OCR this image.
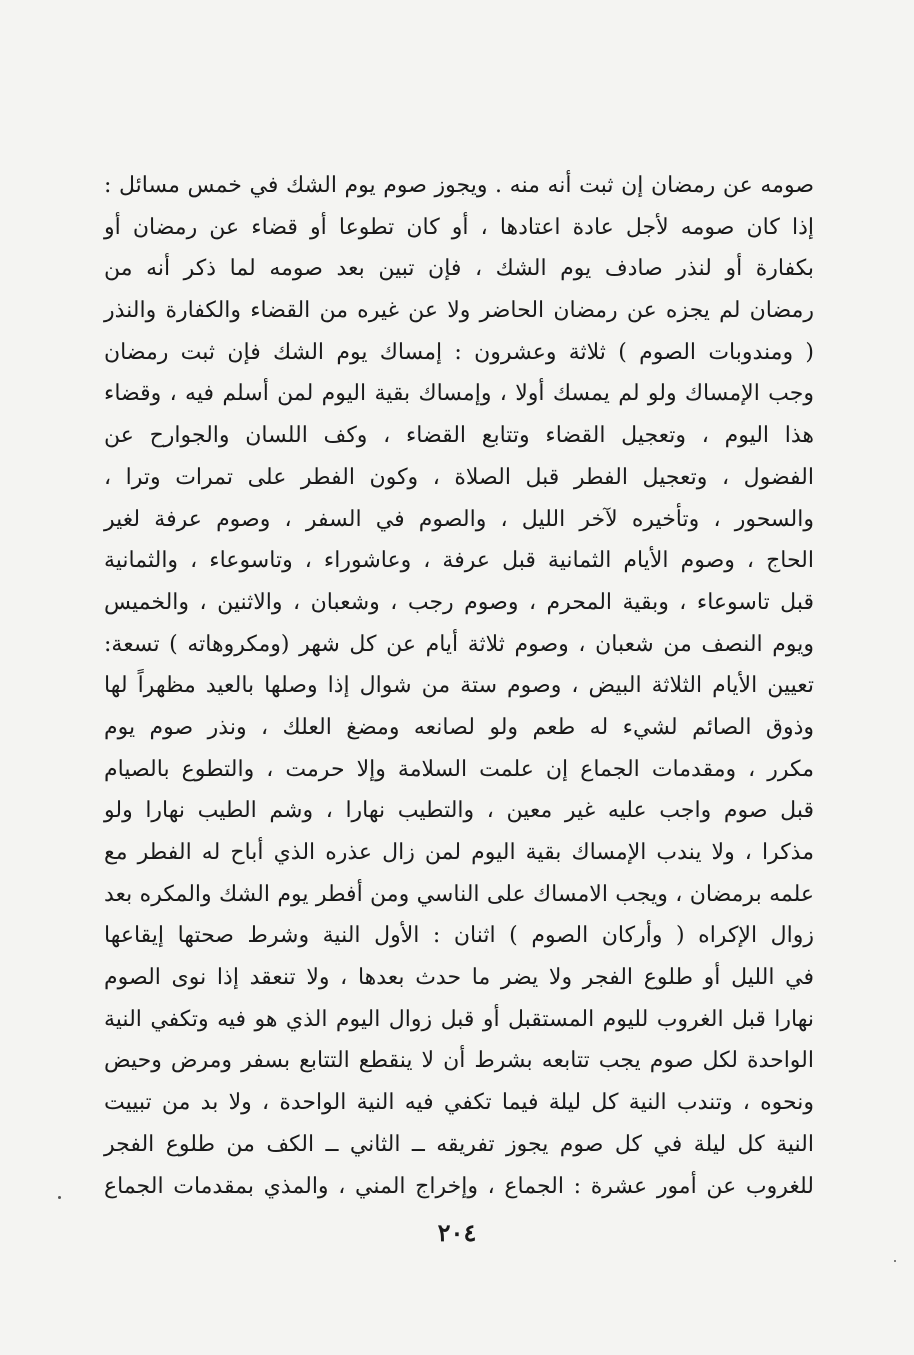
صومه عن رمضان إن ثبت أنه منه . ويجوز صوم يوم الشك في خمس مسائل :
إذا كان صومه لأجل عادة اعتادها ، أو كان تطوعا أو قضاء عن رمضان أو
بكفارة أو لنذر صادف يوم الشك ، فإن تبين بعد صومه لما ذكر أنه من
رمضان لم يجزه عن رمضان الحاضر ولا عن غيره من القضاء والكفارة والنذر
( ومندوبات الصوم ) ثلاثة وعشرون : إمساك يوم الشك فإن ثبت رمضان
وجب الإمساك ولو لم يمسك أولا ، وإمساك بقية اليوم لمن أسلم فيه ، وقضاء
هذا اليوم ، وتعجيل القضاء وتتابع القضاء ، وكف اللسان والجوارح عن
الفضول ، وتعجيل الفطر قبل الصلاة ، وكون الفطر على تمرات وترا ،
والسحور ، وتأخيره لآخر الليل ، والصوم في السفر ، وصوم عرفة لغير
الحاج ، وصوم الأيام الثمانية قبل عرفة ، وعاشوراء ، وتاسوعاء ، والثمانية
قبل تاسوعاء ، وبقية المحرم ، وصوم رجب ، وشعبان ، والاثنين ، والخميس
ويوم النصف من شعبان ، وصوم ثلاثة أيام عن كل شهر (ومكروهاته ) تسعة:
تعيين الأيام الثلاثة البيض ، وصوم ستة من شوال إذا وصلها بالعيد مظهراً لها
وذوق الصائم لشيء له طعم ولو لصانعه ومضغ العلك ، ونذر صوم يوم
مكرر ، ومقدمات الجماع إن علمت السلامة وإلا حرمت ، والتطوع بالصيام
قبل صوم واجب عليه غير معين ، والتطيب نهارا ، وشم الطيب نهارا ولو
مذكرا ، ولا يندب الإمساك بقية اليوم لمن زال عذره الذي أباح له الفطر مع
علمه برمضان ، ويجب الامساك على الناسي ومن أفطر يوم الشك والمكره بعد
زوال الإكراه ( وأركان الصوم ) اثنان : الأول النية وشرط صحتها إيقاعها
في الليل أو طلوع الفجر ولا يضر ما حدث بعدها ، ولا تنعقد إذا نوى الصوم
نهارا قبل الغروب لليوم المستقبل أو قبل زوال اليوم الذي هو فيه وتكفي النية
الواحدة لكل صوم يجب تتابعه بشرط أن لا ينقطع التتابع بسفر ومرض وحيض
ونحوه ، وتندب النية كل ليلة فيما تكفي فيه النية الواحدة ، ولا بد من تبييت
النية كل ليلة في كل صوم يجوز تفريقه ــ الثاني ــ الكف من طلوع الفجر
للغروب عن أمور عشرة : الجماع ، وإخراج المني ، والمذي بمقدمات الجماع
٢٠٤
